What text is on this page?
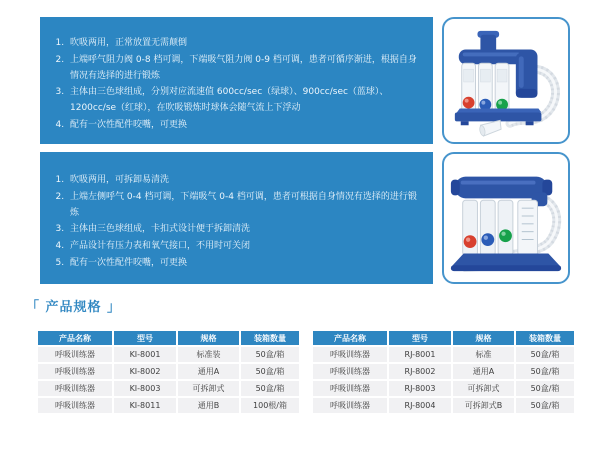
1. 吹吸两用，正常放置无需颠倒
2. 上端呼气阻力阀 0-8 档可调，下端吸气阻力阀 0-9 档可调，患者可循序渐进，根据自身情况有选择的进行锻炼
3. 主体由三色球组成，分别对应流速值 600cc/sec（绿球）、900cc/sec（蓝球）、1200cc/se（红球），在吹吸锻炼时球体会随气流上下浮动
4. 配有一次性配件咬嘴，可更换
1. 吹吸两用，可拆卸易清洗
2. 上端左侧呼气 0-4 档可调，下端吸气 0-4 档可调，患者可根据自身情况有选择的进行锻炼
3. 主体由三色球组成，卡扣式设计便于拆卸清洗
4. 产品设计有压力表和氧气接口，不用时可关闭
5. 配有一次性配件咬嘴，可更换
「 产品规格 」
产品名称	型号	规格	装箱数量
呼吸训练器	KI-8001	标准装	50盒/箱
呼吸训练器	KI-8002	通用A	50盒/箱
呼吸训练器	KI-8003	可拆卸式	50盒/箱
呼吸训练器	KI-8011	通用B	100根/箱
产品名称	型号	规格	装箱数量
呼吸训练器	RJ-8001	标准	50盒/箱
呼吸训练器	RJ-8002	通用A	50盒/箱
呼吸训练器	RJ-8003	可拆卸式	50盒/箱
呼吸训练器	RJ-8004	可拆卸式B	50盒/箱
